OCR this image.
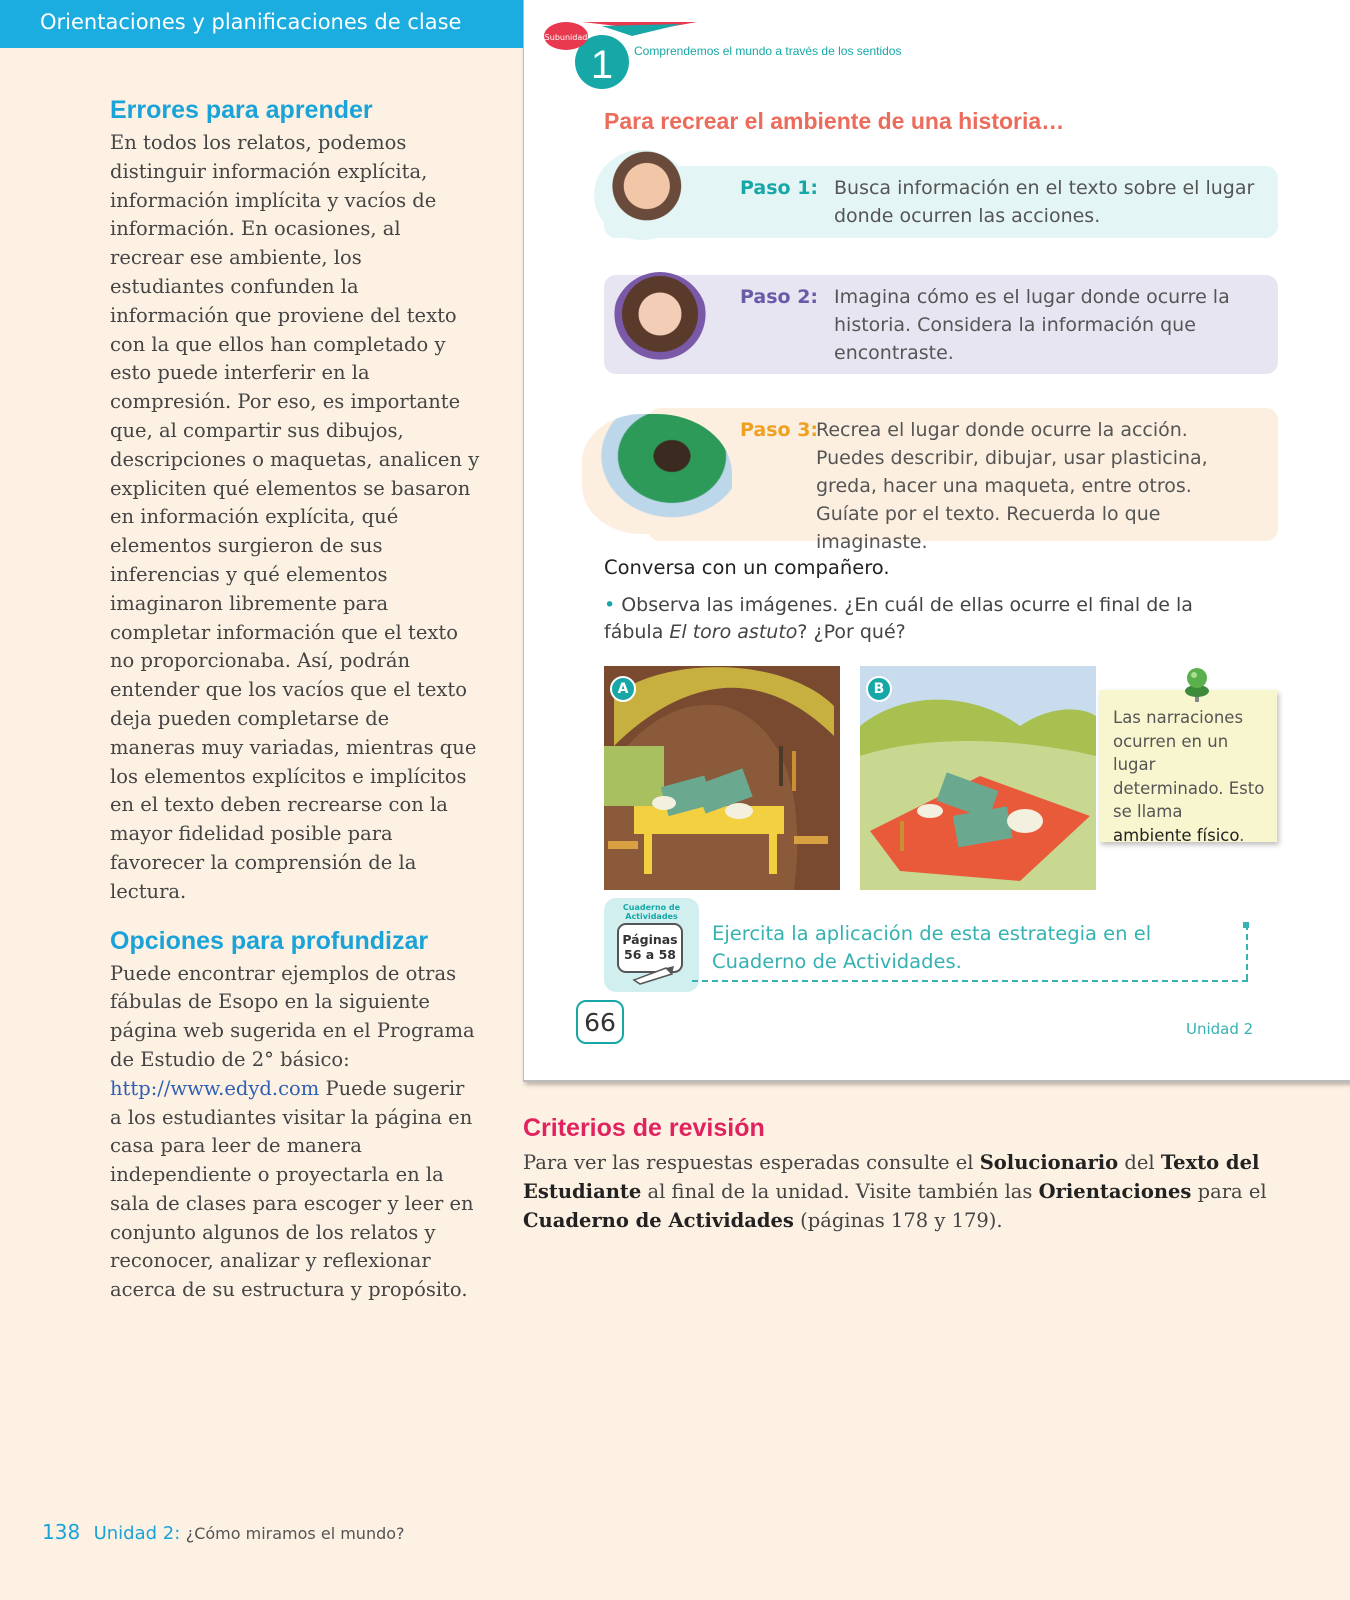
Orientaciones y planificaciones de clase
Errores para aprender

En todos los relatos, podemos distinguir información explícita, información implícita y vacíos de información. En ocasiones, al recrear ese ambiente, los estudiantes confunden la información que proviene del texto con la que ellos han completado y esto puede interferir en la compresión. Por eso, es importante que, al compartir sus dibujos, descripciones o maquetas, analicen y expliciten qué elementos se basaron en información explícita, qué elementos surgieron de sus inferencias y qué elementos imaginaron libremente para completar información que el texto no proporcionaba. Así, podrán entender que los vacíos que el texto deja pueden completarse de maneras muy variadas, mientras que los elementos explícitos e implícitos en el texto deben recrearse con la mayor fidelidad posible para favorecer la comprensión de la lectura.

Opciones para profundizar

Puede encontrar ejemplos de otras fábulas de Esopo en la siguiente página web sugerida en el Programa de Estudio de 2° básico: http://www.edyd.com Puede sugerir a los estudiantes visitar la página en casa para leer de manera independiente o proyectarla en la sala de clases para escoger y leer en conjunto algunos de los relatos y reconocer, analizar y reflexionar acerca de su estructura y propósito.

138 Unidad 2: ¿Cómo miramos el mundo?
Subunidad
1 Comprendemos el mundo a través de los sentidos
Para recrear el ambiente de una historia…
Paso 1: Busca información en el texto sobre el lugar donde ocurren las acciones.
Paso 2: Imagina cómo es el lugar donde ocurre la historia. Considera la información que encontraste.
Paso 3:
Recrea el lugar donde ocurre la acción. Puedes describir, dibujar, usar plasticina, greda, hacer una maqueta, entre otros. Guíate por el texto. Recuerda lo que imaginaste.
Conversa con un compañero.
• Observa las imágenes. ¿En cuál de ellas ocurre el final de la fábula El toro astuto? ¿Por qué?
A	B
Las narraciones ocurren en un lugar determinado. Esto se llama ambiente físico.
Cuaderno de Actividades
Páginas
56 a 58
Ejercita la aplicación de esta estrategia en el Cuaderno de Actividades.
66	Unidad 2
Criterios de revisión

Para ver las respuestas esperadas consulte el Solucionario del Texto del Estudiante al final de la unidad. Visite también las Orientaciones para el Cuaderno de Actividades (páginas 178 y 179).
